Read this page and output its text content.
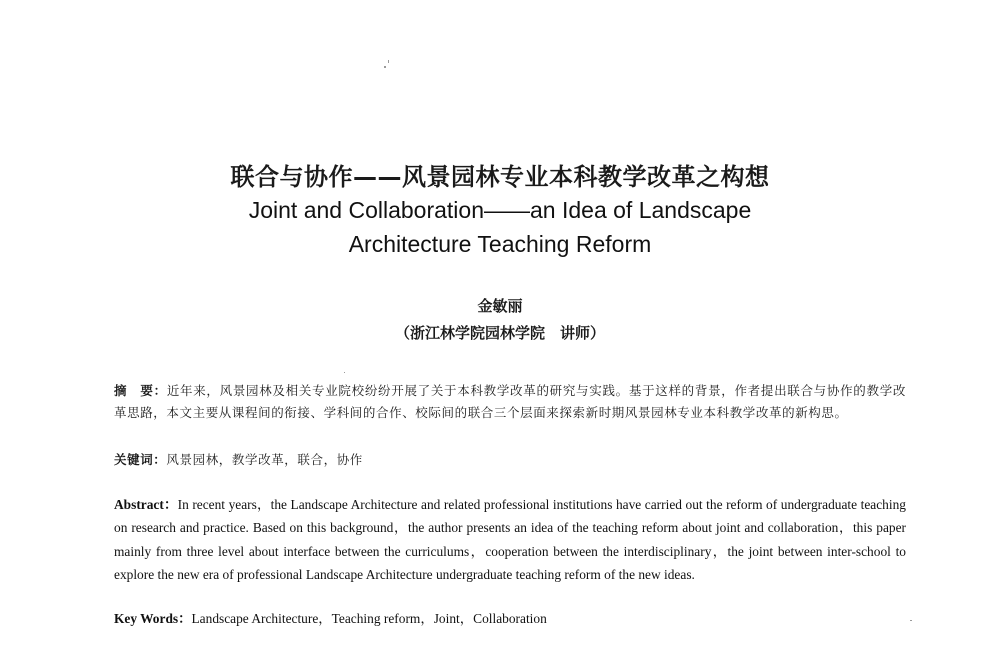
联合与协作——风景园林专业本科教学改革之构想
Joint and Collaboration——an Idea of Landscape
Architecture Teaching Reform
金敏丽
（浙江林学院园林学院　讲师）
摘　要：近年来，风景园林及相关专业院校纷纷开展了关于本科教学改革的研究与实践。基于这样的背景，作者提出联合与协作的教学改革思路，本文主要从课程间的衔接、学科间的合作、校际间的联合三个层面来探索新时期风景园林专业本科教学改革的新构思。
关键词：风景园林，教学改革，联合，协作
Abstract：In recent years，the Landscape Architecture and related professional institutions have carried out the reform of undergraduate teaching on research and practice. Based on this background，the author presents an idea of the teaching reform about joint and collaboration，this paper mainly from three level about interface between the curriculums，cooperation between the interdisciplinary，the joint between inter-school to explore the new era of professional Landscape Architecture undergraduate teaching reform of the new ideas.
Key Words：Landscape Architecture，Teaching reform，Joint，Collaboration
